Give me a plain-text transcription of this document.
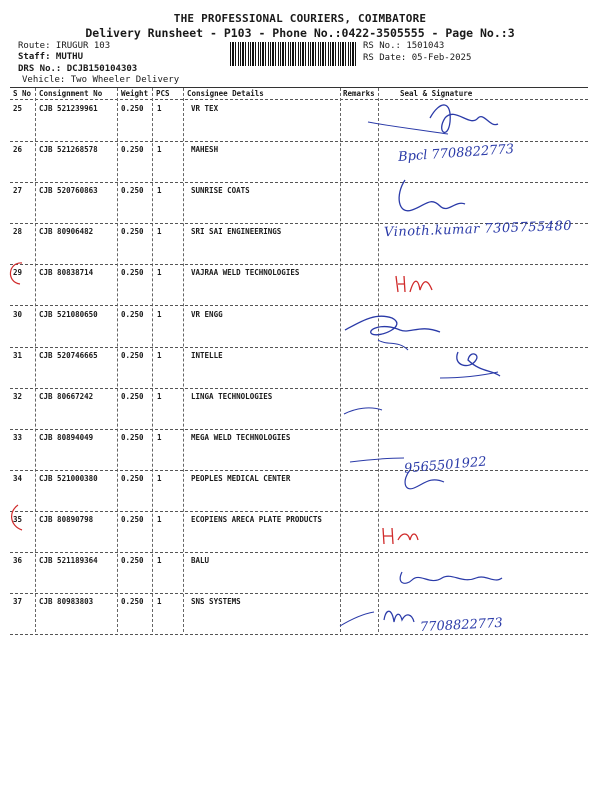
THE PROFESSIONAL COURIERS, COIMBATORE
Delivery Runsheet - P103 - Phone No.:0422-3505555 - Page No.:3
Route: IRUGUR 103
Staff: MUTHU
DRS No.: DCJB150104303
Vehicle: Two Wheeler Delivery
RS No.: 1501043
RS Date: 05-Feb-2025
S No Consignment No	Weight PCS Consignee Details	Remarks	Seal & Signature
25 CJB 521239961	0.250 1	VR TEX
26 CJB 521268578	0.250 1	MAHESH
27 CJB 520760863	0.250 1	SUNRISE COATS
28 CJB 80906482	0.250 1	SRI SAI ENGINEERINGS
29 CJB 80838714	0.250 1	VAJRAA WELD TECHNOLOGIES
30 CJB 521080650	0.250 1	VR ENGG
31 CJB 520746665	0.250 1	INTELLE
32 CJB 80667242	0.250 1	LINGA TECHNOLOGIES
33 CJB 80894049	0.250 1	MEGA WELD TECHNOLOGIES
34 CJB 521000380	0.250 1	PEOPLES MEDICAL CENTER
35 CJB 80890798	0.250 1	ECOPIENS ARECA PLATE PRODUCTS
36 CJB 521189364	0.250 1	BALU
37 CJB 80983803	0.250 1	SNS SYSTEMS
Bpcl 7708822773
Vinoth.kumar 7305755480
9565501922
7708822773
